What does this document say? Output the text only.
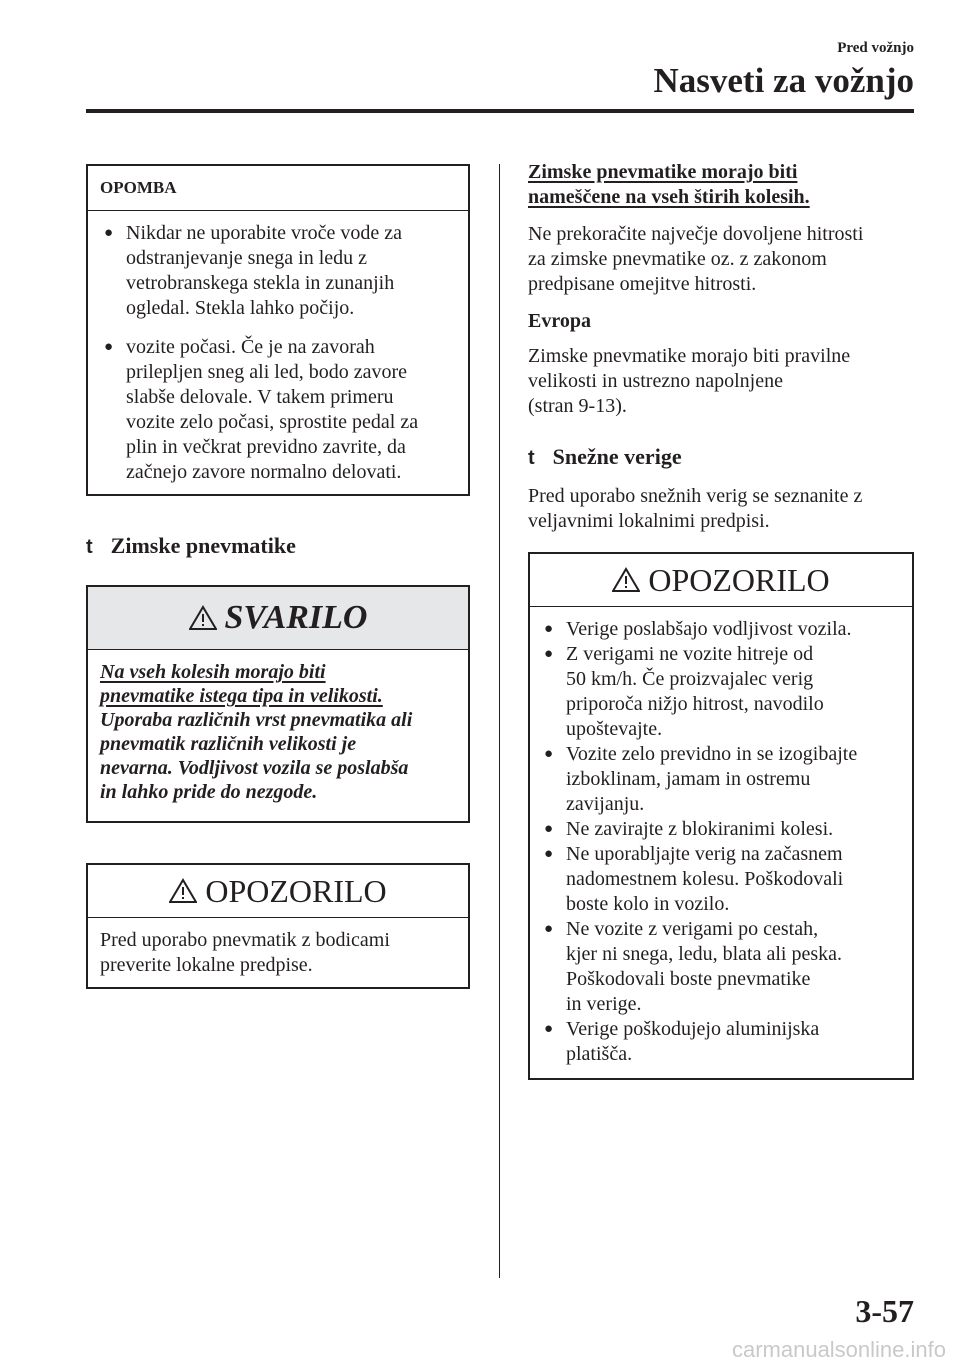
Pred vožnjo
Nasveti za vožnjo
OPOMBA
● Nikdar ne uporabite vroče vode za
odstranjevanje snega in ledu z
vetrobranskega stekla in zunanjih
ogledal. Stekla lahko počijo.
● vozite počasi. Če je na zavorah
prilepljen sneg ali led, bodo zavore
slabše delovale. V takem primeru
vozite zelo počasi, sprostite pedal za
plin in večkrat previdno zavrite, da
začnejo zavore normalno delovati.
t Zimske pnevmatike
SVARILO
Na vseh kolesih morajo biti
pnevmatike istega tipa in velikosti.
Uporaba različnih vrst pnevmatika ali
pnevmatik različnih velikosti je
nevarna. Vodljivost vozila se poslabša
in lahko pride do nezgode.
OPOZORILO
Pred uporabo pnevmatik z bodicami
preverite lokalne predpise.
Zimske pnevmatike morajo biti
nameščene na vseh štirih kolesih.
Ne prekoračite največje dovoljene hitrosti
za zimske pnevmatike oz. z zakonom
predpisane omejitve hitrosti.
Evropa
Zimske pnevmatike morajo biti pravilne
velikosti in ustrezno napolnjene
(stran 9-13).
t Snežne verige
Pred uporabo snežnih verig se seznanite z
veljavnimi lokalnimi predpisi.
OPOZORILO
● Verige poslabšajo vodljivost vozila.
● Z verigami ne vozite hitreje od
50 km/h. Če proizvajalec verig
priporoča nižjo hitrost, navodilo
upoštevajte.
● Vozite zelo previdno in se izogibajte
izboklinam, jamam in ostremu
zavijanju.
● Ne zavirajte z blokiranimi kolesi.
● Ne uporabljajte verig na začasnem
nadomestnem kolesu. Poškodovali
boste kolo in vozilo.
● Ne vozite z verigami po cestah,
kjer ni snega, ledu, blata ali peska.
Poškodovali boste pnevmatike
in verige.
● Verige poškodujejo aluminijska
platišča.
3-57
carmanualsonline.info
